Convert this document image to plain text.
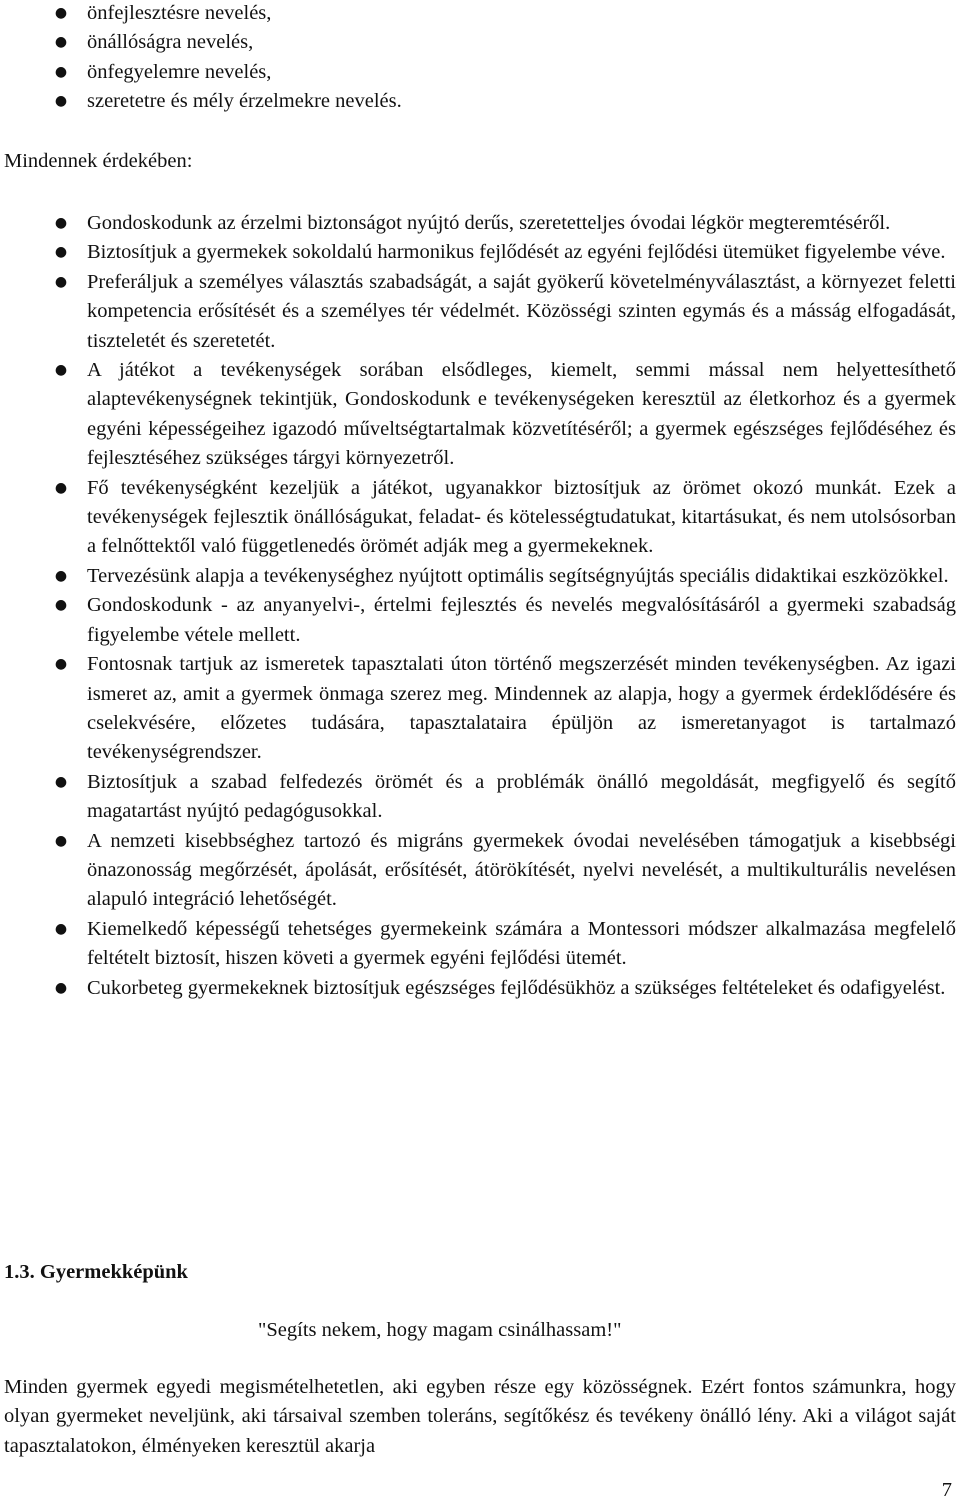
● önfejlesztésre nevelés,
● önállóságra nevelés,
● önfegyelemre nevelés,
● szeretetre és mély érzelmekre nevelés.
Mindennek érdekében:
● Gondoskodunk az érzelmi biztonságot nyújtó derűs, szeretetteljes óvodai légkör megteremtéséről.
● Biztosítjuk a gyermekek sokoldalú harmonikus fejlődését az egyéni fejlődési ütemüket figyelembe véve.
● Preferáljuk a személyes választás szabadságát, a saját gyökerű követelményválasztást, a környezet feletti kompetencia erősítését és a személyes tér védelmét. Közösségi szinten egymás és a másság elfogadását, tiszteletét és szeretetét.
● A játékot a tevékenységek sorában elsődleges, kiemelt, semmi mással nem helyettesíthető alaptevékenységnek tekintjük, Gondoskodunk e tevékenységeken keresztül az életkorhoz és a gyermek egyéni képességeihez igazodó műveltségtartalmak közvetítéséről; a gyermek egészséges fejlődéséhez és fejlesztéséhez szükséges tárgyi környezetről.
● Fő tevékenységként kezeljük a játékot, ugyanakkor biztosítjuk az örömet okozó munkát. Ezek a tevékenységek fejlesztik önállóságukat, feladat- és kötelességtudatukat, kitartásukat, és nem utolsósorban a felnőttektől való függetlenedés örömét adják meg a gyermekeknek.
● Tervezésünk alapja a tevékenységhez nyújtott optimális segítségnyújtás speciális didaktikai eszközökkel.
● Gondoskodunk - az anyanyelvi-, értelmi fejlesztés és nevelés megvalósításáról a gyermeki szabadság figyelembe vétele mellett.
● Fontosnak tartjuk az ismeretek tapasztalati úton történő megszerzését minden tevékenységben. Az igazi ismeret az, amit a gyermek önmaga szerez meg. Mindennek az alapja, hogy a gyermek érdeklődésére és cselekvésére, előzetes tudására, tapasztalataira épüljön az ismeretanyagot is tartalmazó tevékenységrendszer.
● Biztosítjuk a szabad felfedezés örömét és a problémák önálló megoldását, megfigyelő és segítő magatartást nyújtó pedagógusokkal.
● A nemzeti kisebbséghez tartozó és migráns gyermekek óvodai nevelésében támogatjuk a kisebbségi önazonosság megőrzését, ápolását, erősítését, átörökítését, nyelvi nevelését, a multikulturális nevelésen alapuló integráció lehetőségét.
● Kiemelkedő képességű tehetséges gyermekeink számára a Montessori módszer alkalmazása megfelelő feltételt biztosít, hiszen követi a gyermek egyéni fejlődési ütemét.
● Cukorbeteg gyermekeknek biztosítjuk egészséges fejlődésükhöz a szükséges feltételeket és odafigyelést.
1.3. Gyermekképünk
"Segíts nekem, hogy magam csinálhassam!"
Minden gyermek egyedi megismételhetetlen, aki egyben része egy közösségnek. Ezért fontos számunkra, hogy olyan gyermeket neveljünk, aki társaival szemben toleráns, segítőkész és tevékeny önálló lény. Aki a világot saját tapasztalatokon, élményeken keresztül akarja
7
